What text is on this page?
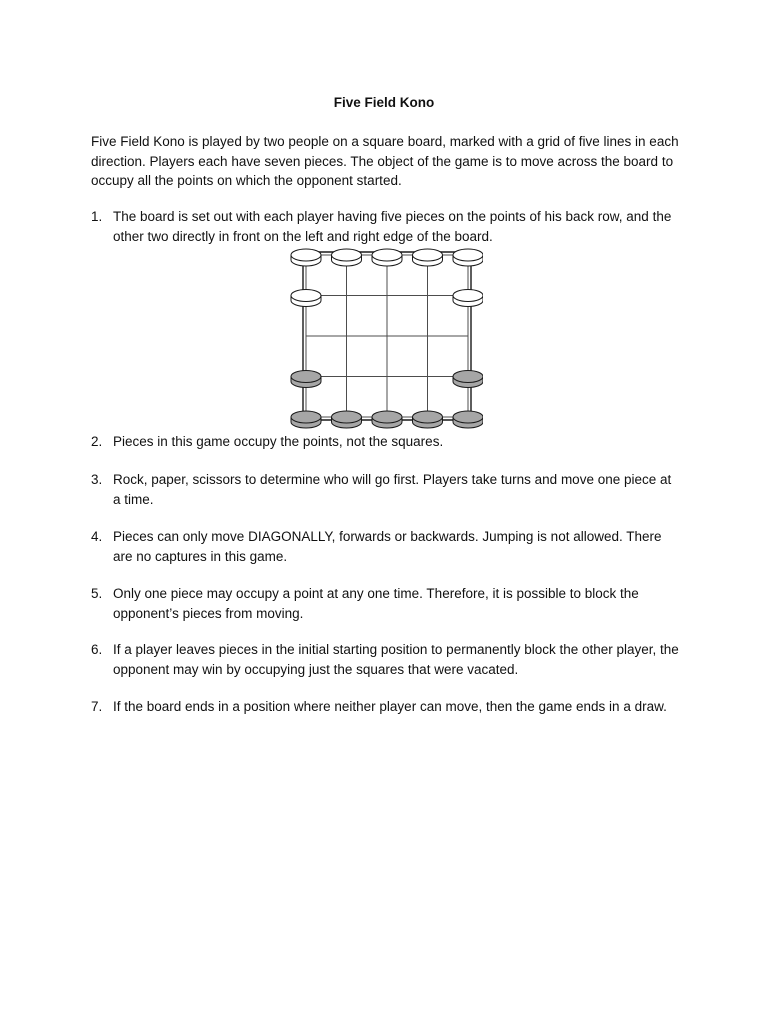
Five Field Kono
Five Field Kono is played by two people on a square board, marked with a grid of five lines in each direction. Players each have seven pieces. The object of the game is to move across the board to occupy all the points on which the opponent started.
1. The board is set out with each player having five pieces on the points of his back row, and the other two directly in front on the left and right edge of the board.
2. Pieces in this game occupy the points, not the squares.
3. Rock, paper, scissors to determine who will go first. Players take turns and move one piece at a time.
4. Pieces can only move DIAGONALLY, forwards or backwards. Jumping is not allowed. There are no captures in this game.
5. Only one piece may occupy a point at any one time. Therefore, it is possible to block the opponent’s pieces from moving.
6. If a player leaves pieces in the initial starting position to permanently block the other player, the opponent may win by occupying just the squares that were vacated.
7. If the board ends in a position where neither player can move, then the game ends in a draw.
